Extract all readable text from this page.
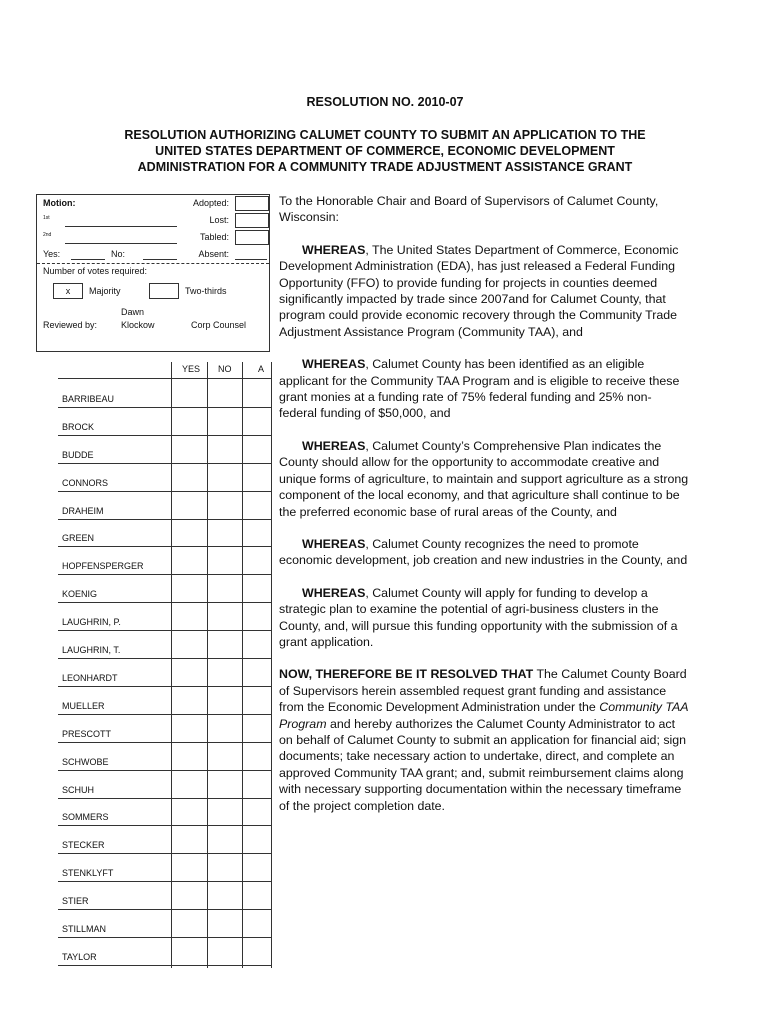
RESOLUTION NO. 2010-07
RESOLUTION AUTHORIZING CALUMET COUNTY TO SUBMIT AN APPLICATION TO THE
UNITED STATES DEPARTMENT OF COMMERCE, ECONOMIC DEVELOPMENT
ADMINISTRATION FOR A COMMUNITY TRADE ADJUSTMENT ASSISTANCE GRANT
Motion:
$^{1st}$
$^{2nd}$
Yes:	No:
Adopted:
Lost:
Tabled:
Absent:
Number of votes required:
x	Majority	Two-thirds
Reviewed by:
Dawn
Klockow	Corp Counsel
YES NO	A
BARRIBEAU
BROCK
BUDDE
CONNORS
DRAHEIM
GREEN
HOPFENSPERGER
KOENIG
LAUGHRIN, P.
LAUGHRIN, T.
LEONHARDT
MUELLER
PRESCOTT
SCHWOBE
SCHUH
SOMMERS
STECKER
STENKLYFT
STIER
STILLMAN
TAYLOR

To the Honorable Chair and Board of Supervisors of Calumet County, Wisconsin:

WHEREAS, The United States Department of Commerce, Economic Development Administration (EDA), has just released a Federal Funding Opportunity (FFO) to provide funding for projects in counties deemed significantly impacted by trade since 2007and for Calumet County, that program could provide economic recovery through the Community Trade Adjustment Assistance Program (Community TAA), and

WHEREAS, Calumet County has been identified as an eligible applicant for the Community TAA Program and is eligible to receive these grant monies at a funding rate of 75% federal funding and 25% non-federal funding of $50,000, and

WHEREAS, Calumet County’s Comprehensive Plan indicates the County should allow for the opportunity to accommodate creative and unique forms of agriculture, to maintain and support agriculture as a strong component of the local economy, and that agriculture shall continue to be the preferred economic base of rural areas of the County, and

WHEREAS, Calumet County recognizes the need to promote economic development, job creation and new industries in the County, and

WHEREAS, Calumet County will apply for funding to develop a strategic plan to examine the potential of agri-business clusters in the County, and, will pursue this funding opportunity with the submission of a grant application.

NOW, THEREFORE BE IT RESOLVED THAT The Calumet County Board of Supervisors herein assembled request grant funding and assistance from the Economic Development Administration under the Community TAA Program and hereby authorizes the Calumet County Administrator to act on behalf of Calumet County to submit an application for financial aid; sign documents; take necessary action to undertake, direct, and complete an approved Community TAA grant; and, submit reimbursement claims along with necessary supporting documentation within the necessary timeframe of the project completion date.
